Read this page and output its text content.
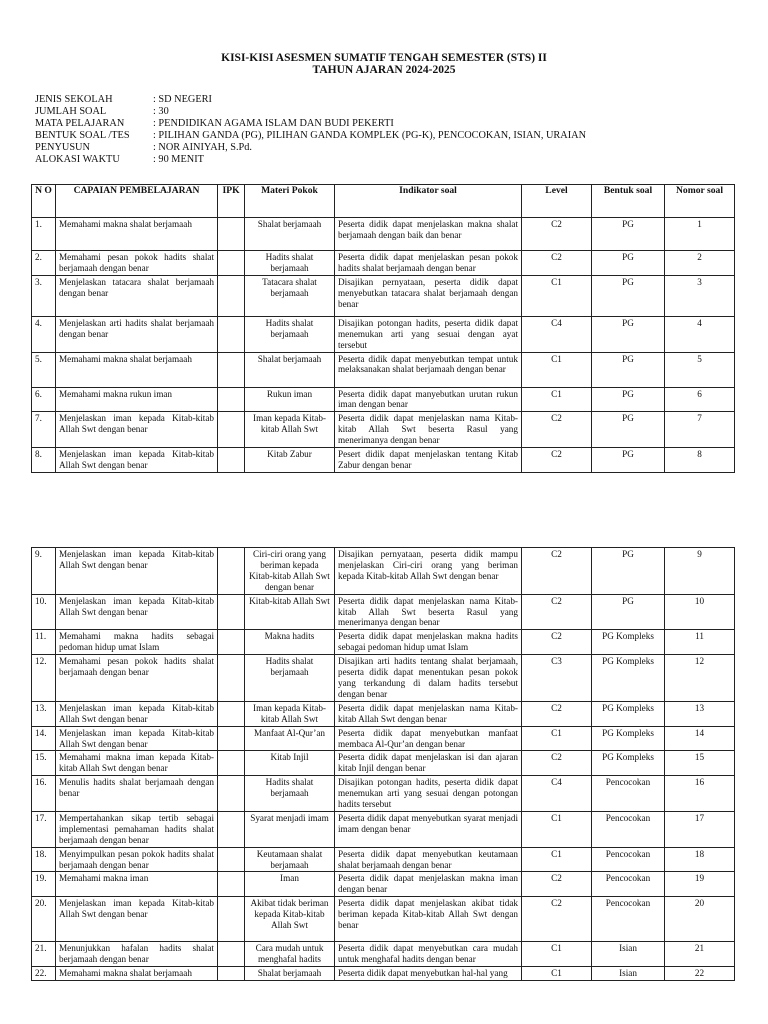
KISI-KISI ASESMEN SUMATIF TENGAH SEMESTER (STS) II
TAHUN AJARAN 2024-2025
JENIS SEKOLAH	: SD NEGERI
JUMLAH SOAL	: 30
MATA PELAJARAN	: PENDIDIKAN AGAMA ISLAM DAN BUDI PEKERTI
BENTUK SOAL /TES	: PILIHAN GANDA (PG), PILIHAN GANDA KOMPLEK (PG-K), PENCOCOKAN, ISIAN, URAIAN
PENYUSUN	: NOR AINIYAH, S.Pd.
ALOKASI WAKTU	: 90 MENIT
N O	CAPAIAN PEMBELAJARAN	IPK	Materi Pokok	Indikator soal	Level	Bentuk soal	Nomor soal
1.	Memahami makna shalat berjamaah		Shalat berjamaah	Peserta didik dapat menjelaskan makna shalat berjamaah dengan baik dan benar	C2	PG	1
2.	Memahami pesan pokok hadits shalat berjamaah dengan benar		Hadits shalat berjamaah	Peserta didik dapat menjelaskan pesan pokok hadits shalat berjamaah dengan benar	C2	PG	2
3.	Menjelaskan tatacara shalat berjamaah dengan benar		Tatacara shalat berjamaah	Disajikan pernyataan, peserta didik dapat menyebutkan tatacara shalat berjamaah dengan benar	C1	PG	3
4.	Menjelaskan arti hadits shalat berjamaah dengan benar		Hadits shalat berjamaah	Disajikan potongan hadits, peserta didik dapat menemukan arti yang sesuai dengan ayat tersebut	C4	PG	4
5.	Memahami makna shalat berjamaah		Shalat berjamaah	Peserta didik dapat menyebutkan tempat untuk melaksanakan shalat berjamaah dengan benar	C1	PG	5
6.	Memahami makna rukun iman		Rukun iman	Peserta didik dapat manyebutkan urutan rukun iman dengan benar	C1	PG	6
7.	Menjelaskan iman kepada Kitab-kitab Allah Swt dengan benar		Iman kepada Kitab-kitab Allah Swt	Peserta didik dapat menjelaskan nama Kitab-kitab Allah Swt beserta Rasul yang menerimanya dengan benar	C2	PG	7
8.	Menjelaskan iman kepada Kitab-kitab Allah Swt dengan benar		Kitab Zabur	Pesert didik dapat menjelaskan tentang Kitab Zabur dengan benar	C2	PG	8
9.	Menjelaskan iman kepada Kitab-kitab Allah Swt dengan benar		Ciri-ciri orang yang beriman kepada Kitab-kitab Allah Swt dengan benar	Disajikan pernyataan, peserta didik mampu menjelaskan Ciri-ciri orang yang beriman kepada Kitab-kitab Allah Swt dengan benar	C2	PG	9
10.	Menjelaskan iman kepada Kitab-kitab Allah Swt dengan benar		Kitab-kitab Allah Swt	Peserta didik dapat menjelaskan nama Kitab-kitab Allah Swt beserta Rasul yang menerimanya dengan benar	C2	PG	10
11.	Memahami makna hadits sebagai pedoman hidup umat Islam		Makna hadits	Peserta didik dapat menjelaskan makna hadits sebagai pedoman hidup umat Islam	C2	PG Kompleks	11
12.	Memahami pesan pokok hadits shalat berjamaah dengan benar		Hadits shalat berjamaah	Disajikan arti hadits tentang shalat berjamaah, peserta didik dapat menentukan pesan pokok yang terkandung di dalam hadits tersebut dengan benar	C3	PG Kompleks	12
13.	Menjelaskan iman kepada Kitab-kitab Allah Swt dengan benar		Iman kepada Kitab-kitab Allah Swt	Peserta didik dapat menjelaskan nama Kitab-kitab Allah Swt dengan benar	C2	PG Kompleks	13
14.	Menjelaskan iman kepada Kitab-kitab Allah Swt dengan benar		Manfaat Al-Qur’an	Peserta didik dapat menyebutkan manfaat membaca Al-Qur’an dengan benar	C1	PG Kompleks	14
15.	Memahami makna iman kepada Kitab-kitab Allah Swt dengan benar		Kitab Injil	Peserta didik dapat menjelaskan isi dan ajaran kitab Injil dengan benar	C2	PG Kompleks	15
16.	Menulis hadits shalat berjamaah dengan benar		Hadits shalat berjamaah	Disajikan potongan hadits, peserta didik dapat menemukan arti yang sesuai dengan potongan hadits tersebut	C4	Pencocokan	16
17.	Mempertahankan sikap tertib sebagai implementasi pemahaman hadits shalat berjamaah dengan benar		Syarat menjadi imam	Peserta didik dapat menyebutkan syarat menjadi imam dengan benar	C1	Pencocokan	17
18.	Menyimpulkan pesan pokok hadits shalat berjamaah dengan benar		Keutamaan shalat berjamaah	Peserta didik dapat menyebutkan keutamaan shalat berjamaah dengan benar	C1	Pencocokan	18
19.	Memahami makna iman		Iman	Peserta didik dapat menjelaskan makna iman dengan benar	C2	Pencocokan	19
20.	Menjelaskan iman kepada Kitab-kitab Allah Swt dengan benar		Akibat tidak beriman kepada Kitab-kitab Allah Swt	Peserta didik dapat menjelaskan akibat tidak beriman kepada Kitab-kitab Allah Swt dengan benar	C2	Pencocokan	20
21.	Menunjukkan hafalan hadits shalat berjamaah dengan benar		Cara mudah untuk menghafal hadits	Peserta didik dapat menyebutkan cara mudah untuk menghafal hadits dengan benar	C1	Isian	21
22.	Memahami makna shalat berjamaah		Shalat berjamaah	Peserta didik dapat menyebutkan hal-hal yang	C1	Isian	22
